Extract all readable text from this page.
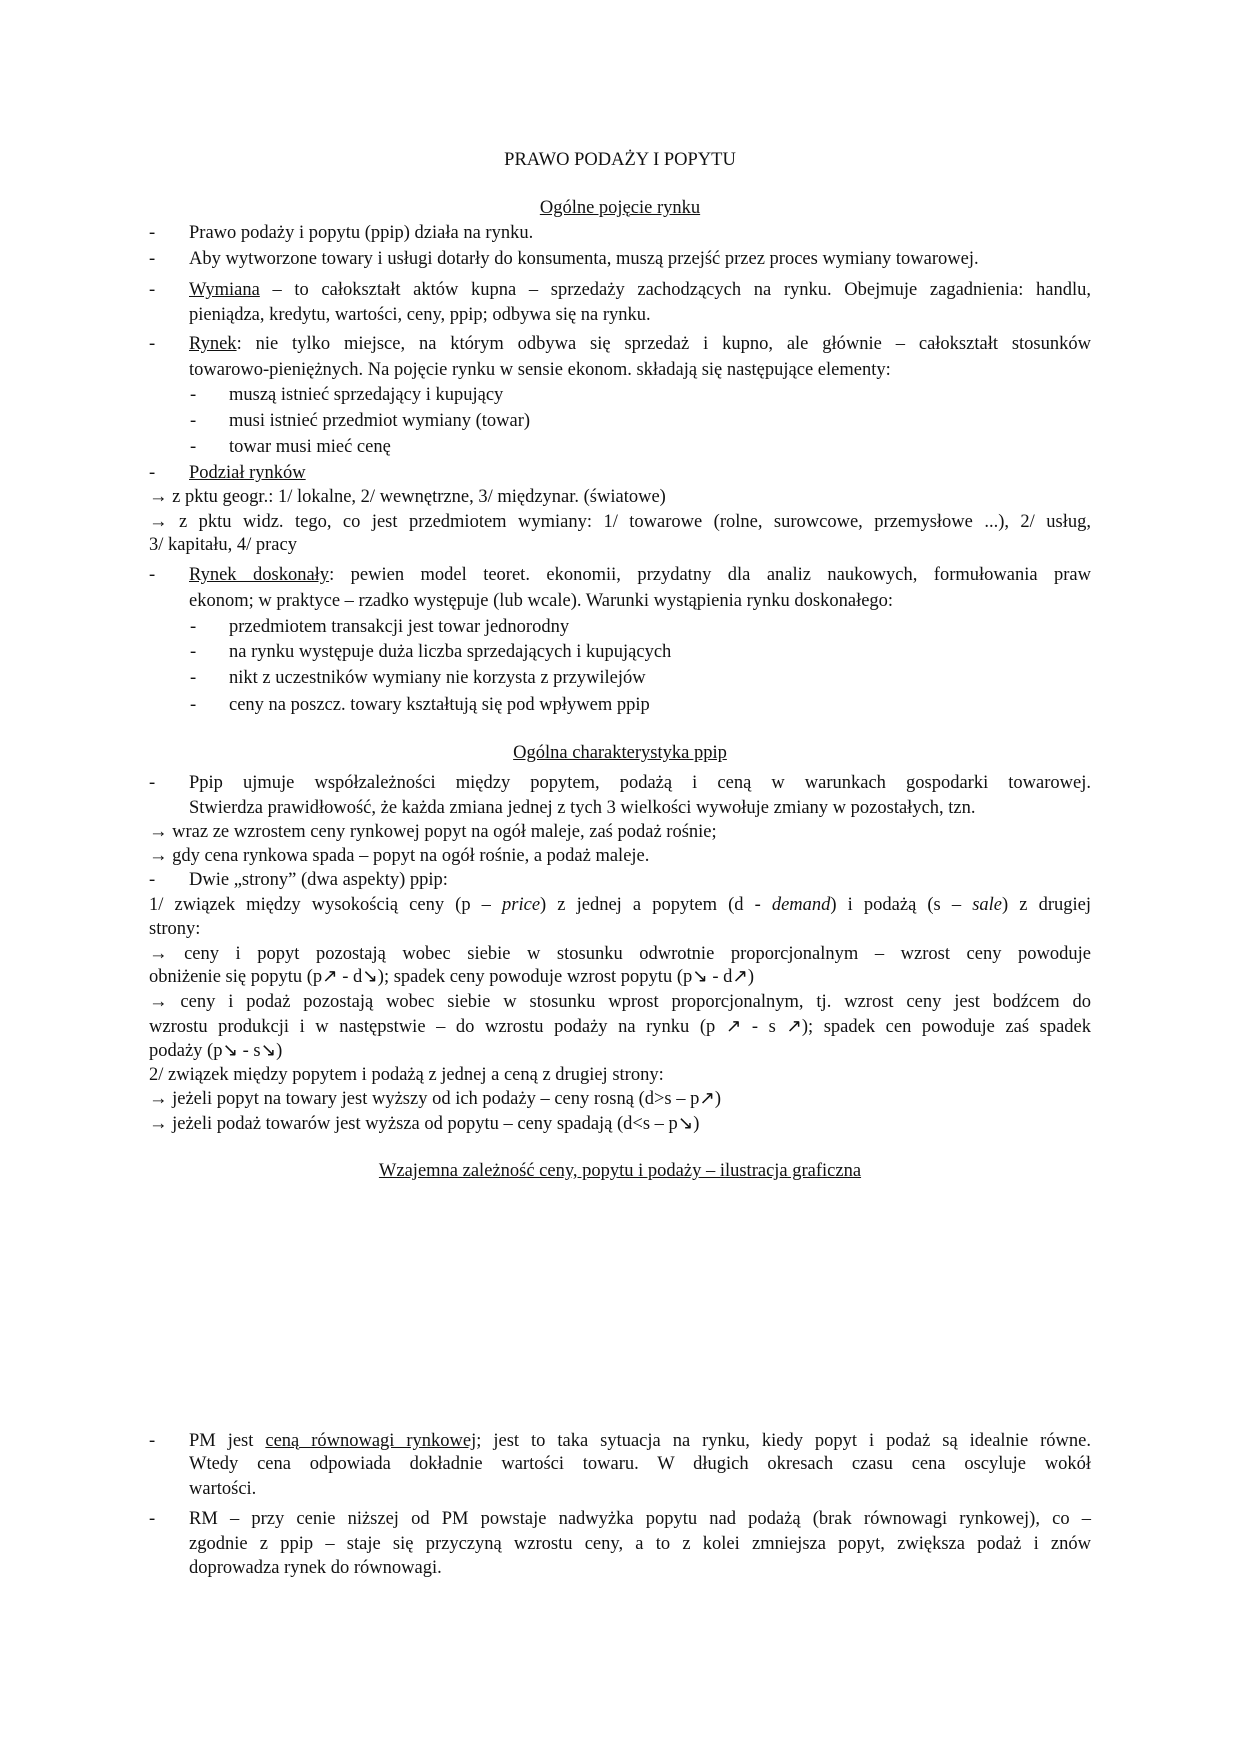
PRAWO PODAŻY I POPYTU
Ogólne pojęcie rynku
- Prawo podaży i popytu (ppip) działa na rynku.
- Aby wytworzone towary i usługi dotarły do konsumenta, muszą przejść przez proces wymiany towarowej.
- Wymiana – to całokształt aktów kupna – sprzedaży zachodzących na rynku. Obejmuje zagadnienia: handlu,
pieniądza, kredytu, wartości, ceny, ppip; odbywa się na rynku.
- Rynek: nie tylko miejsce, na którym odbywa się sprzedaż i kupno, ale głównie – całokształt stosunków
towarowo-pieniężnych. Na pojęcie rynku w sensie ekonom. składają się następujące elementy:
- muszą istnieć sprzedający i kupujący
- musi istnieć przedmiot wymiany (towar)
- towar musi mieć cenę
- Podział rynków
→ z pktu geogr.: 1/ lokalne, 2/ wewnętrzne, 3/ międzynar. (światowe)
→ z pktu widz. tego, co jest przedmiotem wymiany: 1/ towarowe (rolne, surowcowe, przemysłowe ...), 2/ usług,
3/ kapitału, 4/ pracy
- Rynek doskonały: pewien model teoret. ekonomii, przydatny dla analiz naukowych, formułowania praw
ekonom; w praktyce – rzadko występuje (lub wcale). Warunki wystąpienia rynku doskonałego:
- przedmiotem transakcji jest towar jednorodny
- na rynku występuje duża liczba sprzedających i kupujących
- nikt z uczestników wymiany nie korzysta z przywilejów
- ceny na poszcz. towary kształtują się pod wpływem ppip
Ogólna charakterystyka ppip
- Ppip ujmuje współzależności między popytem, podażą i ceną w warunkach gospodarki towarowej.
Stwierdza prawidłowość, że każda zmiana jednej z tych 3 wielkości wywołuje zmiany w pozostałych, tzn.
→ wraz ze wzrostem ceny rynkowej popyt na ogół maleje, zaś podaż rośnie;
→ gdy cena rynkowa spada – popyt na ogół rośnie, a podaż maleje.
- Dwie „strony” (dwa aspekty) ppip:
1/ związek między wysokością ceny (p – price) z jednej a popytem (d - demand) i podażą (s – sale) z drugiej
strony:
→ ceny i popyt pozostają wobec siebie w stosunku odwrotnie proporcjonalnym – wzrost ceny powoduje
obniżenie się popytu (p↗ - d↘); spadek ceny powoduje wzrost popytu (p↘ - d↗)
→ ceny i podaż pozostają wobec siebie w stosunku wprost proporcjonalnym, tj. wzrost ceny jest bodźcem do
wzrostu produkcji i w następstwie – do wzrostu podaży na rynku (p ↗ - s ↗); spadek cen powoduje zaś spadek
podaży (p↘ - s↘)
2/ związek między popytem i podażą z jednej a ceną z drugiej strony:
→ jeżeli popyt na towary jest wyższy od ich podaży – ceny rosną (d>s – p↗)
→ jeżeli podaż towarów jest wyższa od popytu – ceny spadają (d<s – p↘)
Wzajemna zależność ceny, popytu i podaży – ilustracja graficzna
- PM jest ceną równowagi rynkowej; jest to taka sytuacja na rynku, kiedy popyt i podaż są idealnie równe.
Wtedy cena odpowiada dokładnie wartości towaru. W długich okresach czasu cena oscyluje wokół
wartości.
- RM – przy cenie niższej od PM powstaje nadwyżka popytu nad podażą (brak równowagi rynkowej), co –
zgodnie z ppip – staje się przyczyną wzrostu ceny, a to z kolei zmniejsza popyt, zwiększa podaż i znów
doprowadza rynek do równowagi.
